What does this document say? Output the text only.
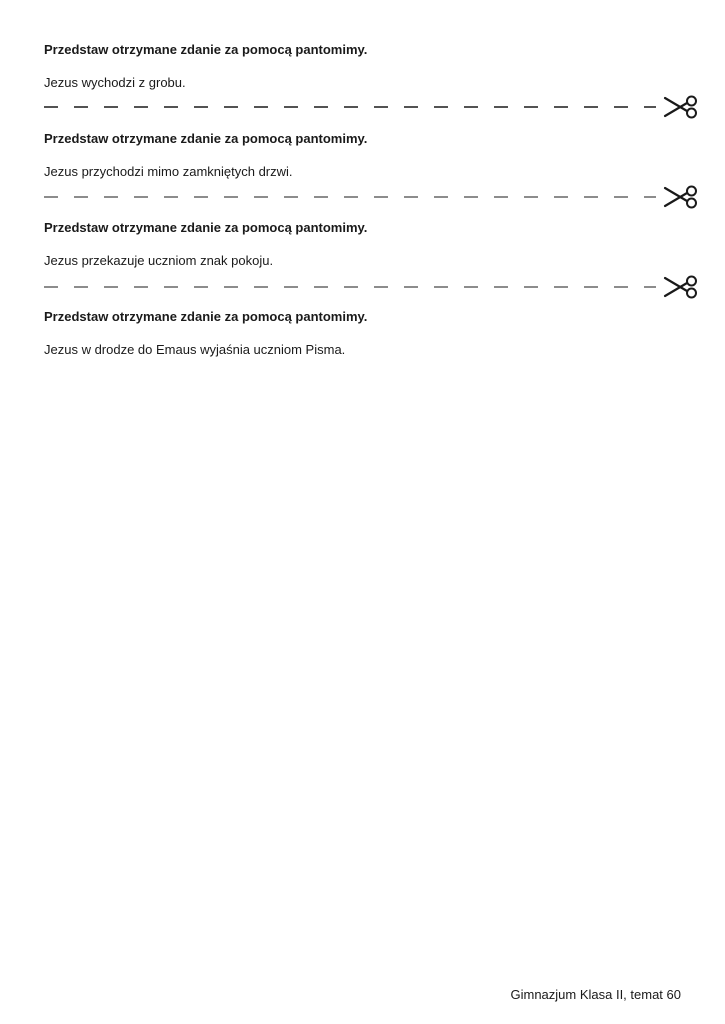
Przedstaw otrzymane zdanie za pomocą pantomimy.
Jezus wychodzi z grobu.
Przedstaw otrzymane zdanie za pomocą pantomimy.
Jezus przychodzi mimo zamkniętych drzwi.
Przedstaw otrzymane zdanie za pomocą pantomimy.
Jezus przekazuje uczniom znak pokoju.
Przedstaw otrzymane zdanie za pomocą pantomimy.
Jezus w drodze do Emaus wyjaśnia uczniom Pisma.
Gimnazjum Klasa II, temat 60
